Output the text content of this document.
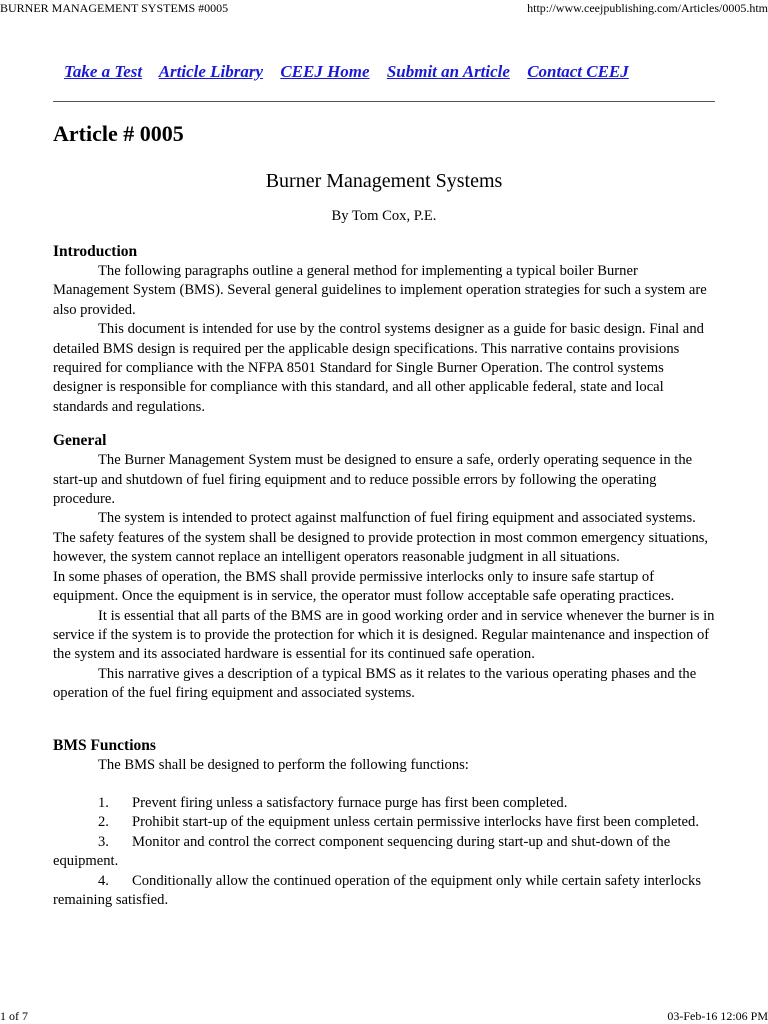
BURNER MANAGEMENT SYSTEMS #0005	http://www.ceejpublishing.com/Articles/0005.htm
Take a Test Article Library CEEJ Home Submit an Article Contact CEEJ
Article # 0005
Burner Management Systems
By Tom Cox, P.E.
Introduction

The following paragraphs outline a general method for implementing a typical boiler Burner Management System (BMS). Several general guidelines to implement operation strategies for such a system are also provided.

This document is intended for use by the control systems designer as a guide for basic design. Final and detailed BMS design is required per the applicable design specifications. This narrative contains provisions required for compliance with the NFPA 8501 Standard for Single Burner Operation. The control systems designer is responsible for compliance with this standard, and all other applicable federal, state and local standards and regulations.

General

The Burner Management System must be designed to ensure a safe, orderly operating sequence in the start-up and shutdown of fuel firing equipment and to reduce possible errors by following the operating procedure.

The system is intended to protect against malfunction of fuel firing equipment and associated systems. The safety features of the system shall be designed to provide protection in most common emergency situations, however, the system cannot replace an intelligent operators reasonable judgment in all situations.

In some phases of operation, the BMS shall provide permissive interlocks only to insure safe startup of equipment. Once the equipment is in service, the operator must follow acceptable safe operating practices.

It is essential that all parts of the BMS are in good working order and in service whenever the burner is in service if the system is to provide the protection for which it is designed. Regular maintenance and inspection of the system and its associated hardware is essential for its continued safe operation.

This narrative gives a description of a typical BMS as it relates to the various operating phases and the operation of the fuel firing equipment and associated systems.

BMS Functions

The BMS shall be designed to perform the following functions:

1. Prevent firing unless a satisfactory furnace purge has first been completed.

2. Prohibit start-up of the equipment unless certain permissive interlocks have first been completed.

3. Monitor and control the correct component sequencing during start-up and shut-down of the equipment.

4. Conditionally allow the continued operation of the equipment only while certain safety interlocks remaining satisfied.

1 of 7	03-Feb-16 12:06 PM
